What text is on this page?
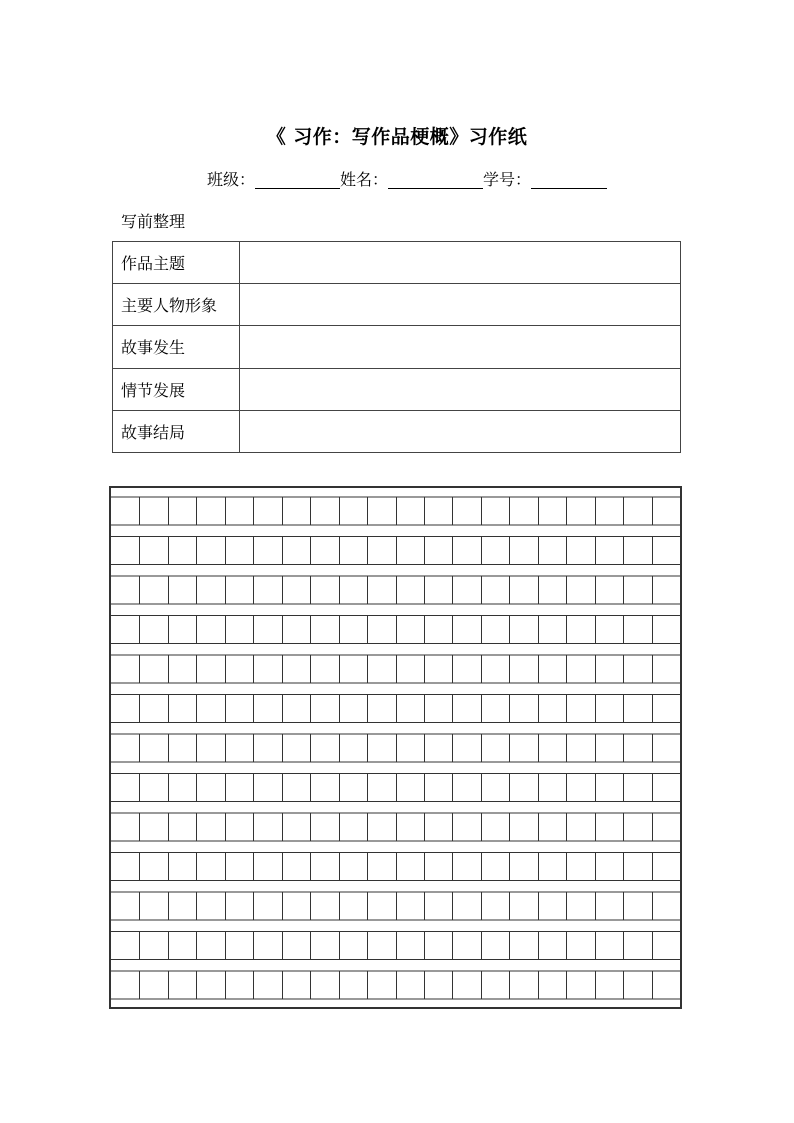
《 习作：写作品梗概》习作纸
班级：	姓名：	学号：
写前整理
作品主题	
主要人物形象	
故事发生	
情节发展	
故事结局	
